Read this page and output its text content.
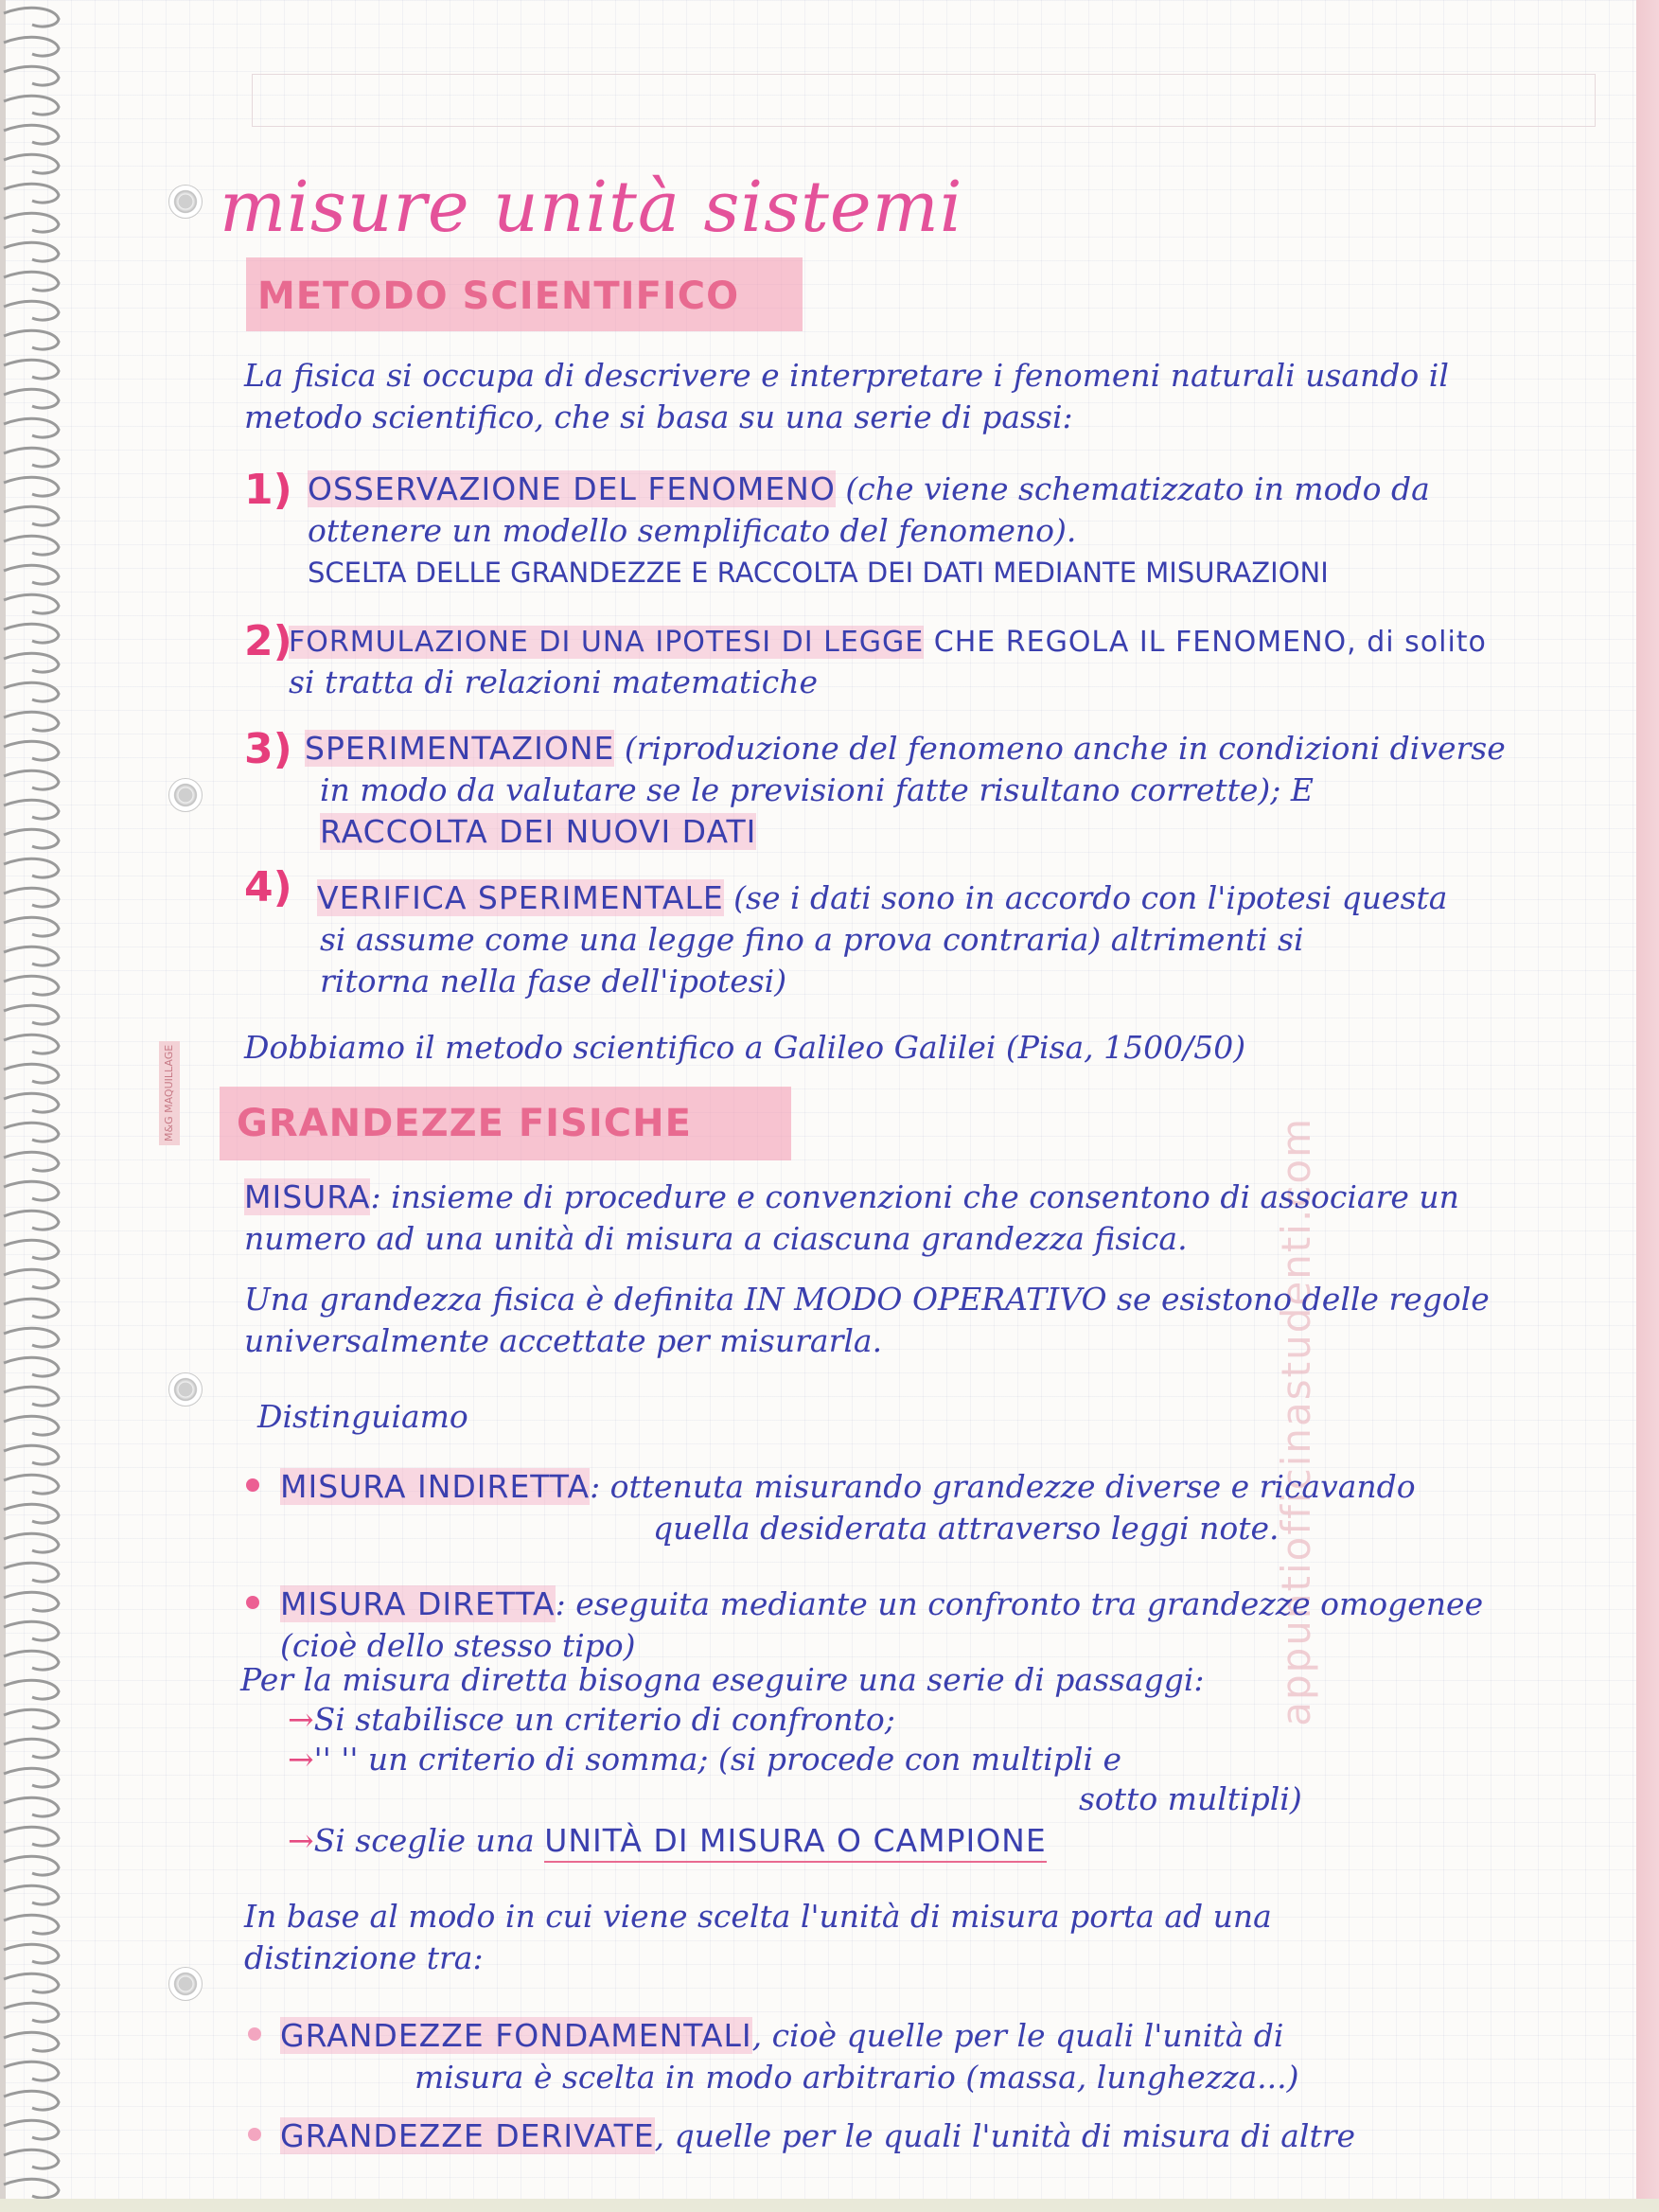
M&G MAQUILLAGE
appuntiofficinastudenti.com
misure unità sistemi
METODO SCIENTIFICO
La fisica si occupa di descrivere e interpretare i fenomeni naturali usando il
metodo scientifico, che si basa su una serie di passi:
1) OSSERVAZIONE DEL FENOMENO (che viene schematizzato in modo da
ottenere un modello semplificato del fenomeno).
SCELTA DELLE GRANDEZZE E RACCOLTA DEI DATI MEDIANTE MISURAZIONI
2)
FORMULAZIONE DI UNA IPOTESI DI LEGGE CHE REGOLA IL FENOMENO, di solito
si tratta di relazioni matematiche
3) SPERIMENTAZIONE (riproduzione del fenomeno anche in condizioni diverse
in modo da valutare se le previsioni fatte risultano corrette); E
RACCOLTA DEI NUOVI DATI
4) VERIFICA SPERIMENTALE (se i dati sono in accordo con l'ipotesi questa
si assume come una legge fino a prova contraria) altrimenti si
ritorna nella fase dell'ipotesi)
Dobbiamo il metodo scientifico a Galileo Galilei (Pisa, 1500/50)
GRANDEZZE FISICHE
MISURA: insieme di procedure e convenzioni che consentono di associare un
numero ad una unità di misura a ciascuna grandezza fisica.
Una grandezza fisica è definita IN MODO OPERATIVO se esistono delle regole
universalmente accettate per misurarla.
Distinguiamo
MISURA INDIRETTA: ottenuta misurando grandezze diverse e ricavando
quella desiderata attraverso leggi note.
MISURA DIRETTA: eseguita mediante un confronto tra grandezze omogenee
(cioè dello stesso tipo)
Per la misura diretta bisogna eseguire una serie di passaggi:
→Si stabilisce un criterio di confronto;
→'' '' un criterio di somma; (si procede con multipli e
sotto multipli)
→Si sceglie una UNITÀ DI MISURA O CAMPIONE
In base al modo in cui viene scelta l'unità di misura porta ad una
distinzione tra:
GRANDEZZE FONDAMENTALI, cioè quelle per le quali l'unità di
misura è scelta in modo arbitrario (massa, lunghezza...)
GRANDEZZE DERIVATE, quelle per le quali l'unità di misura di altre
